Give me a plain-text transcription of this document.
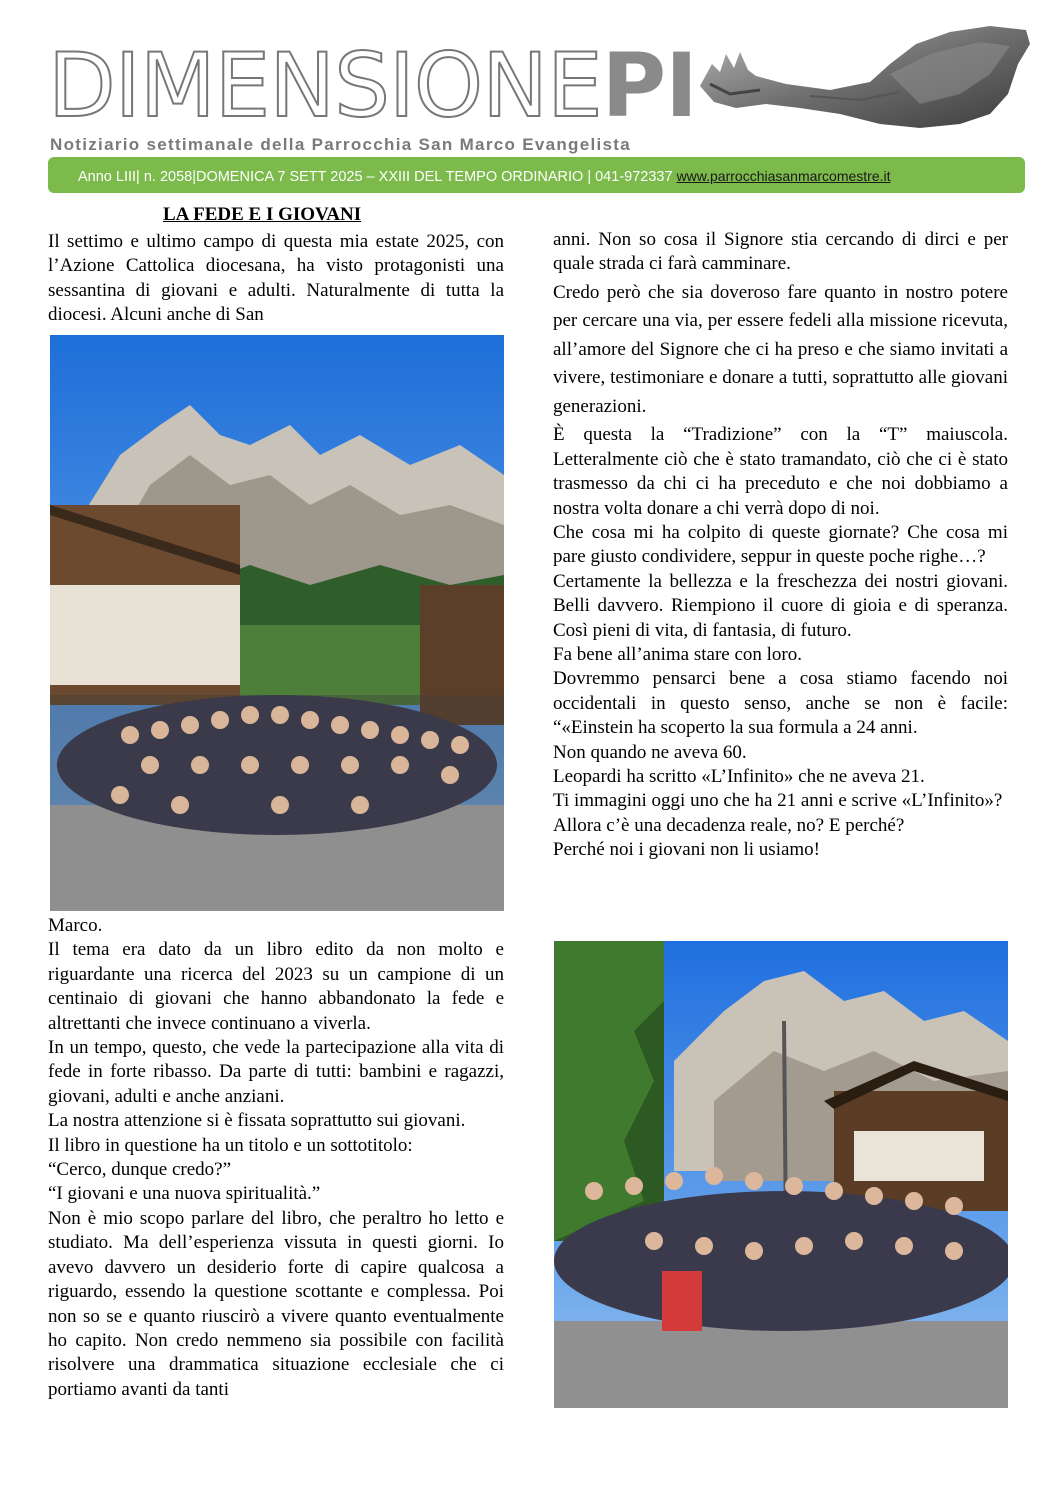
DIMENSIONEPI
Notiziario settimanale della Parrocchia San Marco Evangelista
Anno LIII| n. 2058|DOMENICA 7 SETT 2025 – XXIII DEL TEMPO ORDINARIO | 041-972337 www.parrocchiasanmarcomestre.it
LA FEDE E I GIOVANI

Il settimo e ultimo campo di questa mia estate 2025, con l’Azione Cattolica diocesana, ha visto protagonisti una sessantina di giovani e adulti. Naturalmente di tutta la diocesi. Alcuni anche di San

Marco.

Il tema era dato da un libro edito da non molto e riguardante una ricerca del 2023 su un campione di un centinaio di giovani che hanno abbandonato la fede e altrettanti che invece continuano a viverla.

In un tempo, questo, che vede la partecipazione alla vita di fede in forte ribasso. Da parte di tutti: bambini e ragazzi, giovani, adulti e anche anziani.

La nostra attenzione si è fissata soprattutto sui giovani.

Il libro in questione ha un titolo e un sottotitolo:

“Cerco, dunque credo?”

“I giovani e una nuova spiritualità.”

Non è mio scopo parlare del libro, che peraltro ho letto e studiato. Ma dell’esperienza vissuta in questi giorni. Io avevo davvero un desiderio forte di capire qualcosa a riguardo, essendo la questione scottante e complessa. Poi non so se e quanto riuscirò a vivere quanto eventualmente ho capito. Non credo nemmeno sia possibile con facilità risolvere una drammatica situazione ecclesiale che ci portiamo avanti da tanti

anni. Non so cosa il Signore stia cercando di dirci e per quale strada ci farà camminare.

Credo però che sia doveroso fare quanto in nostro potere per cercare una via, per essere fedeli alla missione ricevuta, all’amore del Signore che ci ha preso e che siamo invitati a vivere, testimoniare e donare a tutti, soprattutto alle giovani generazioni.

È questa la “Tradizione” con la “T” maiuscola. Letteralmente ciò che è stato tramandato, ciò che ci è stato trasmesso da chi ci ha preceduto e che noi dobbiamo a nostra volta donare a chi verrà dopo di noi.

Che cosa mi ha colpito di queste giornate? Che cosa mi pare giusto condividere, seppur in queste poche righe…?

Certamente la bellezza e la freschezza dei nostri giovani. Belli davvero. Riempiono il cuore di gioia e di speranza. Così pieni di vita, di fantasia, di futuro.

Fa bene all’anima stare con loro.

Dovremmo pensarci bene a cosa stiamo facendo noi occidentali in questo senso, anche se non è facile: “«Einstein ha scoperto la sua formula a 24 anni.

Non quando ne aveva 60.

Leopardi ha scritto «L’Infinito» che ne aveva 21.

Ti immagini oggi uno che ha 21 anni e scrive «L’Infinito»?

Allora c’è una decadenza reale, no? E perché?

Perché noi i giovani non li usiamo!
